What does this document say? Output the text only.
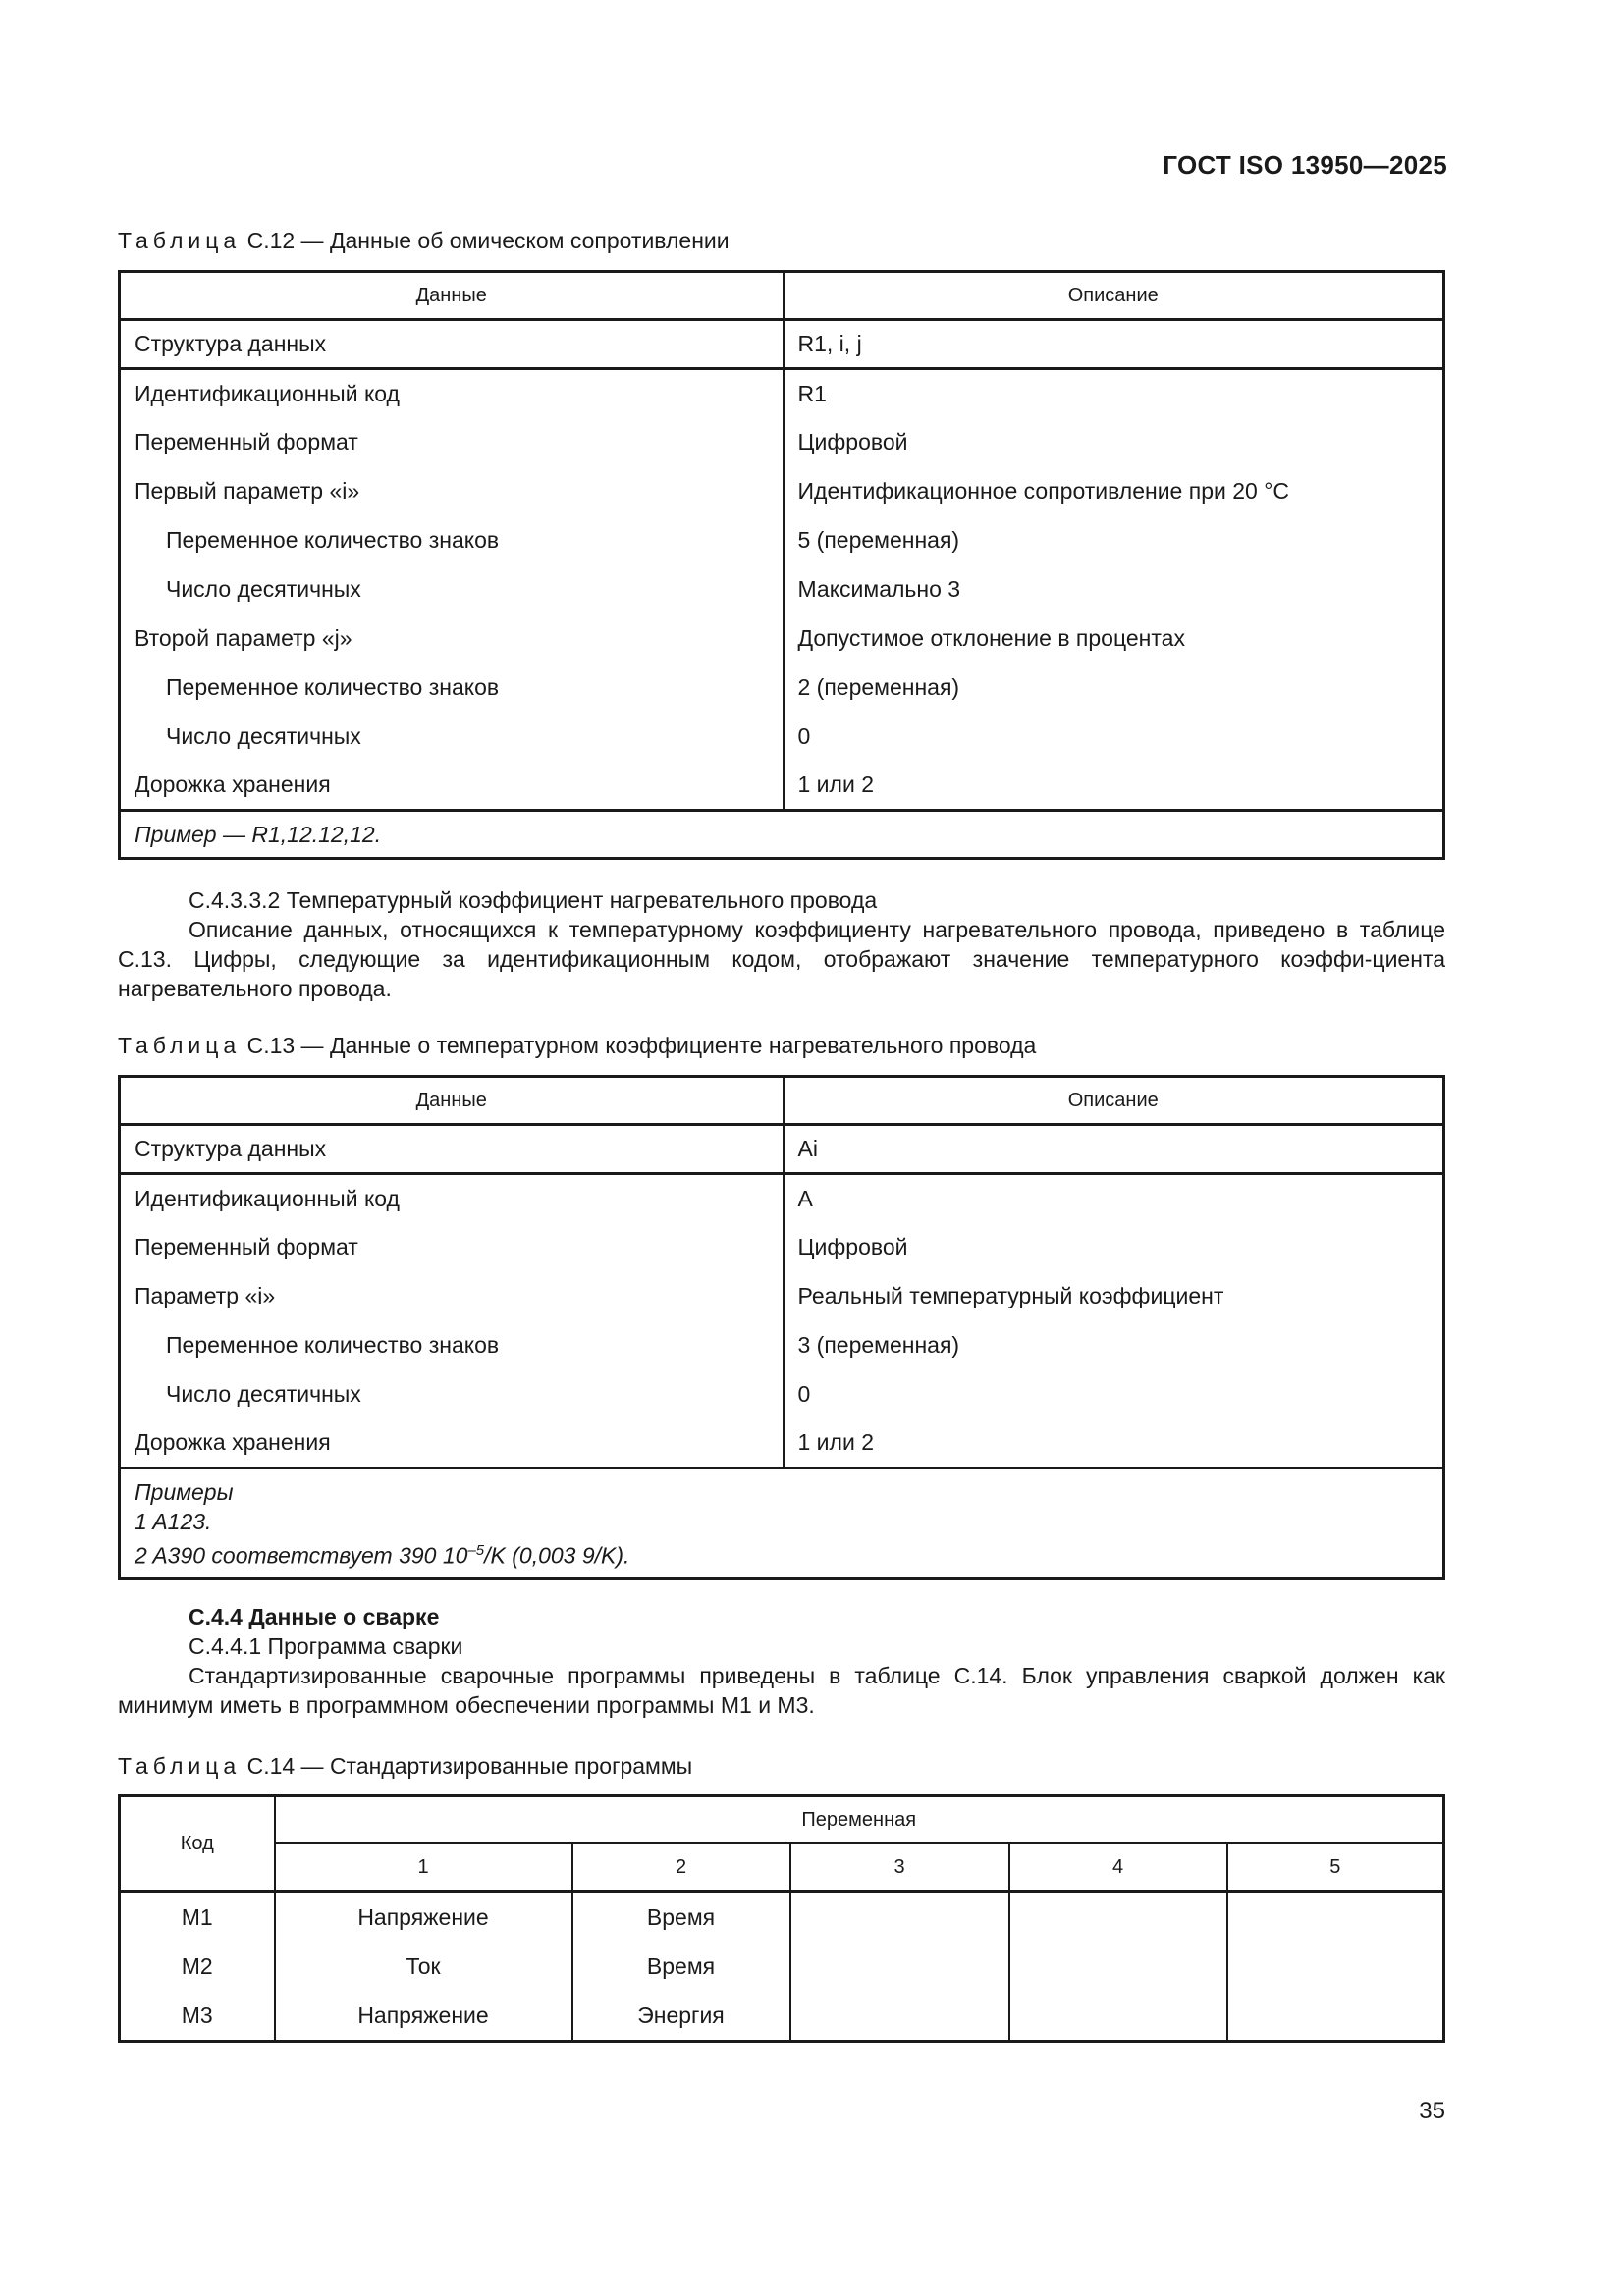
ГОСТ ISO 13950—2025
Таблица С.12 — Данные об омическом сопротивлении
Данные	Описание
Структура данных	R1, i, j
Идентификационный код	R1
Переменный формат	Цифровой
Первый параметр «i»	Идентификационное сопротивление при 20 °С
Переменное количество знаков	5 (переменная)
Число десятичных	Максимально 3
Второй параметр «j»	Допустимое отклонение в процентах
Переменное количество знаков	2 (переменная)
Число десятичных	0
Дорожка хранения	1 или 2
Пример — R1,12.12,12.	

С.4.3.3.2 Температурный коэффициент нагревательного провода

Описание данных, относящихся к температурному коэффициенту нагревательного провода, приведено в таблице С.13. Цифры, следующие за идентификационным кодом, отображают значение температурного коэффи-циента нагревательного провода.

Таблица С.13 — Данные о температурном коэффициенте нагревательного провода
Данные	Описание
Структура данных	Ai
Идентификационный код	A
Переменный формат	Цифровой
Параметр «i»	Реальный температурный коэффициент
Переменное количество знаков	3 (переменная)
Число десятичных	0
Дорожка хранения	1 или 2

Примеры
1 A123.
2 A390 соответствует 390 $10^{-5}/K$ (0,003 9/K).	

С.4.4 Данные о сварке

С.4.4.1 Программа сварки

Стандартизированные сварочные программы приведены в таблице С.14. Блок управления сваркой должен как минимум иметь в программном обеспечении программы М1 и М3.

Таблица С.14 — Стандартизированные программы
Код	Переменная				
	1	2	3	4	5
М1	Напряжение	Время			
М2	Ток	Время			
М3	Напряжение	Энергия			
35
